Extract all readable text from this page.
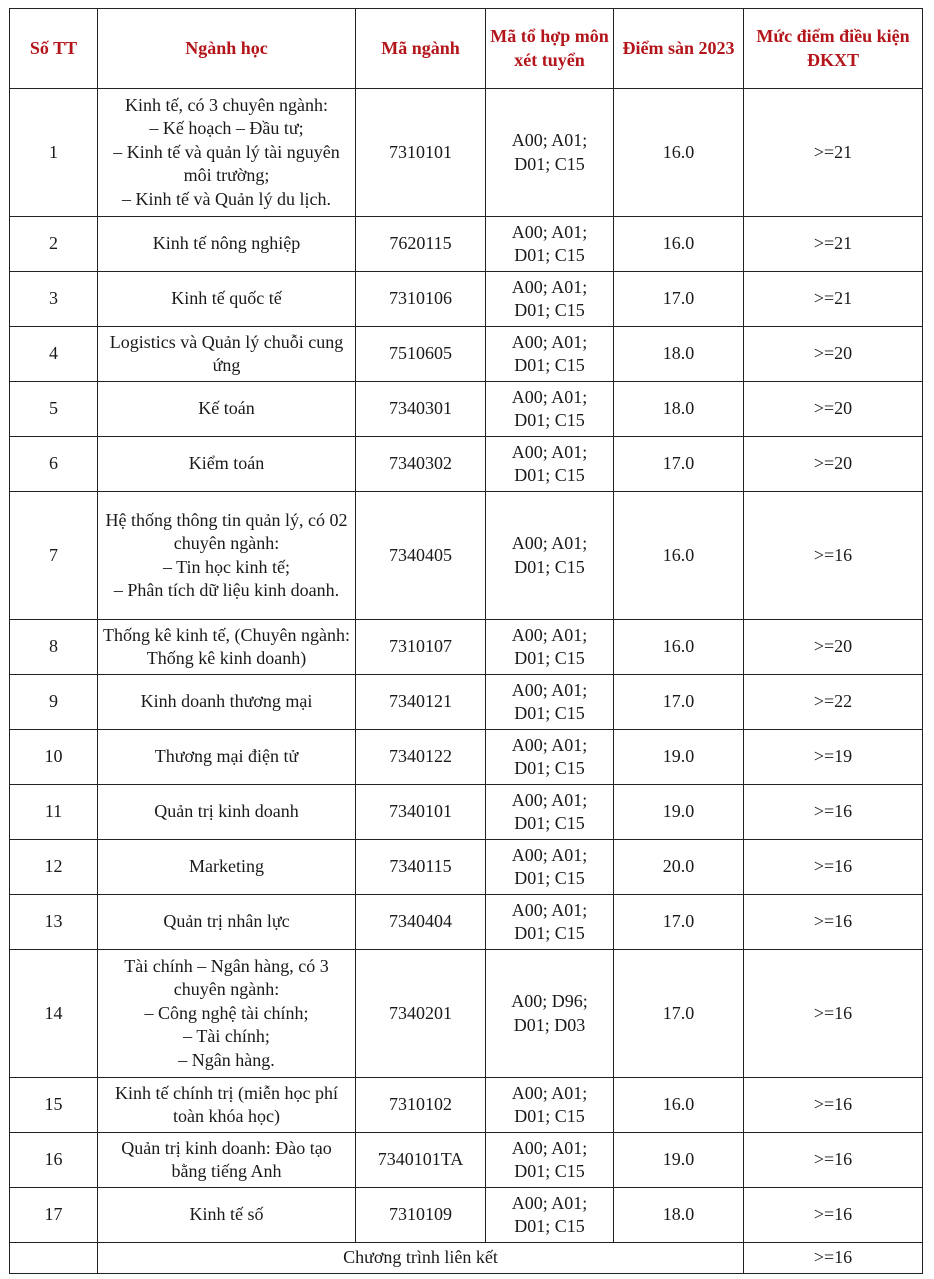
Số TT	Ngành học	Mã ngành	Mã tổ hợp môn xét tuyển	Điểm sàn 2023	Mức điểm điều kiện ĐKXT
1	Kinh tế, có 3 chuyên ngành:
– Kế hoạch – Đầu tư;
– Kinh tế và quản lý tài nguyên môi trường;
– Kinh tế và Quản lý du lịch.	7310101	A00; A01;
D01; C15	16.0	>=21
2	Kinh tế nông nghiệp	7620115	A00; A01;
D01; C15	16.0	>=21
3	Kinh tế quốc tế	7310106	A00; A01;
D01; C15	17.0	>=21
4	Logistics và Quản lý chuỗi cung ứng	7510605	A00; A01;
D01; C15	18.0	>=20
5	Kế toán	7340301	A00; A01;
D01; C15	18.0	>=20
6	Kiểm toán	7340302	A00; A01;
D01; C15	17.0	>=20
7	Hệ thống thông tin quản lý, có 02 chuyên ngành:
– Tin học kinh tế;
– Phân tích dữ liệu kinh doanh.	7340405	A00; A01;
D01; C15	16.0	>=16
8	Thống kê kinh tế, (Chuyên ngành: Thống kê kinh doanh)	7310107	A00; A01;
D01; C15	16.0	>=20
9	Kinh doanh thương mại	7340121	A00; A01;
D01; C15	17.0	>=22
10	Thương mại điện tử	7340122	A00; A01;
D01; C15	19.0	>=19
11	Quản trị kinh doanh	7340101	A00; A01;
D01; C15	19.0	>=16
12	Marketing	7340115	A00; A01;
D01; C15	20.0	>=16
13	Quản trị nhân lực	7340404	A00; A01;
D01; C15	17.0	>=16
14	Tài chính – Ngân hàng, có 3 chuyên ngành:
– Công nghệ tài chính;
– Tài chính;
– Ngân hàng.	7340201	A00; D96;
D01; D03	17.0	>=16
15	Kinh tế chính trị (miễn học phí toàn khóa học)	7310102	A00; A01;
D01; C15	16.0	>=16
16	Quản trị kinh doanh: Đào tạo bằng tiếng Anh	7340101TA	A00; A01;
D01; C15	19.0	>=16
17	Kinh tế số	7310109	A00; A01;
D01; C15	18.0	>=16
	Chương trình liên kết				>=16
